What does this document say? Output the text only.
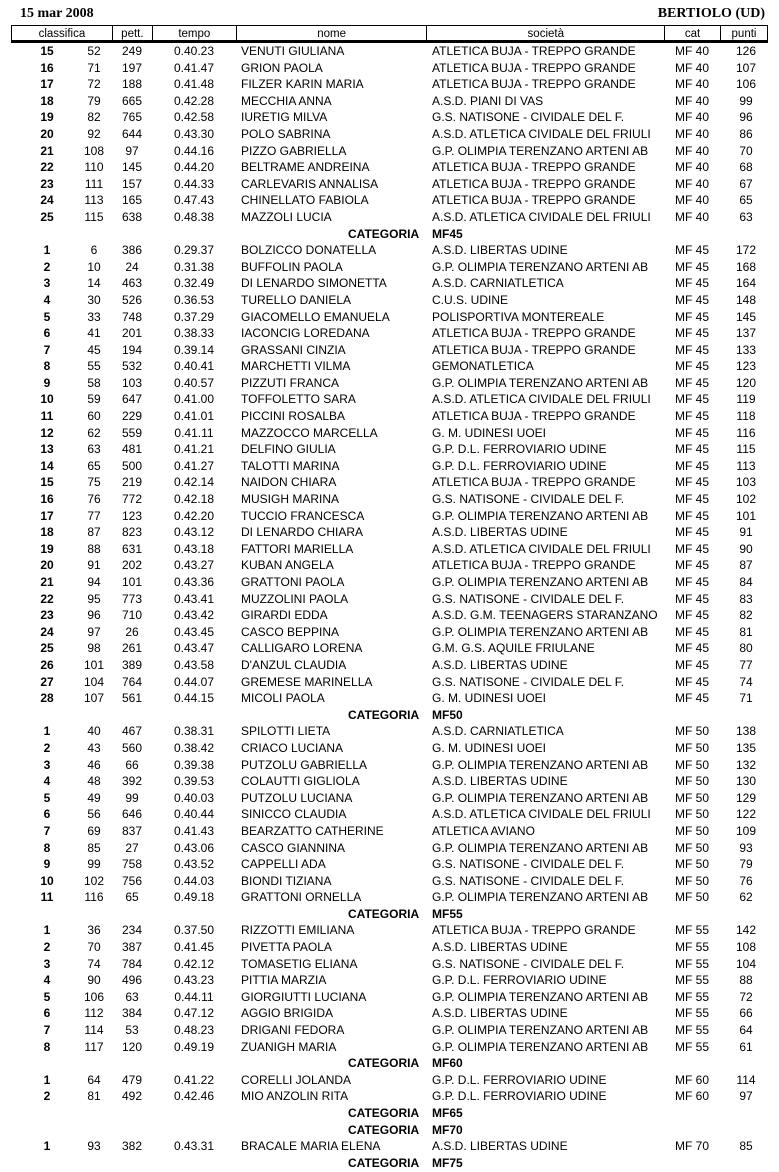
15 mar 2008	BERTIOLO (UD)
classifica	pett.	tempo	nome	società	cat	punti
15	52	249	0.40.23	VENUTI GIULIANA	ATLETICA BUJA - TREPPO GRANDE	MF 40	126
16	71	197	0.41.47	GRION PAOLA	ATLETICA BUJA - TREPPO GRANDE	MF 40	107
17	72	188	0.41.48	FILZER KARIN MARIA	ATLETICA BUJA - TREPPO GRANDE	MF 40	106
18	79	665	0.42.28	MECCHIA ANNA	A.S.D. PIANI DI VAS	MF 40	99
19	82	765	0.42.58	IURETIG MILVA	G.S. NATISONE - CIVIDALE DEL F.	MF 40	96
20	92	644	0.43.30	POLO SABRINA	A.S.D. ATLETICA CIVIDALE DEL FRIULI	MF 40	86
21	108	97	0.44.16	PIZZO GABRIELLA	G.P. OLIMPIA TERENZANO ARTENI AB	MF 40	70
22	110	145	0.44.20	BELTRAME ANDREINA	ATLETICA BUJA - TREPPO GRANDE	MF 40	68
23	111	157	0.44.33	CARLEVARIS ANNALISA	ATLETICA BUJA - TREPPO GRANDE	MF 40	67
24	113	165	0.47.43	CHINELLATO FABIOLA	ATLETICA BUJA - TREPPO GRANDE	MF 40	65
25	115	638	0.48.38	MAZZOLI LUCIA	A.S.D. ATLETICA CIVIDALE DEL FRIULI	MF 40	63
CATEGORIA MF45
1	6	386	0.29.37	BOLZICCO DONATELLA	A.S.D. LIBERTAS UDINE	MF 45	172
2	10	24	0.31.38	BUFFOLIN PAOLA	G.P. OLIMPIA TERENZANO ARTENI AB	MF 45	168
3	14	463	0.32.49	DI LENARDO SIMONETTA	A.S.D. CARNIATLETICA	MF 45	164
4	30	526	0.36.53	TURELLO DANIELA	C.U.S. UDINE	MF 45	148
5	33	748	0.37.29	GIACOMELLO EMANUELA	POLISPORTIVA MONTEREALE	MF 45	145
6	41	201	0.38.33	IACONCIG LOREDANA	ATLETICA BUJA - TREPPO GRANDE	MF 45	137
7	45	194	0.39.14	GRASSANI CINZIA	ATLETICA BUJA - TREPPO GRANDE	MF 45	133
8	55	532	0.40.41	MARCHETTI VILMA	GEMONATLETICA	MF 45	123
9	58	103	0.40.57	PIZZUTI FRANCA	G.P. OLIMPIA TERENZANO ARTENI AB	MF 45	120
10	59	647	0.41.00	TOFFOLETTO SARA	A.S.D. ATLETICA CIVIDALE DEL FRIULI	MF 45	119
11	60	229	0.41.01	PICCINI ROSALBA	ATLETICA BUJA - TREPPO GRANDE	MF 45	118
12	62	559	0.41.11	MAZZOCCO MARCELLA	G. M. UDINESI UOEI	MF 45	116
13	63	481	0.41.21	DELFINO GIULIA	G.P. D.L. FERROVIARIO UDINE	MF 45	115
14	65	500	0.41.27	TALOTTI MARINA	G.P. D.L. FERROVIARIO UDINE	MF 45	113
15	75	219	0.42.14	NAIDON CHIARA	ATLETICA BUJA - TREPPO GRANDE	MF 45	103
16	76	772	0.42.18	MUSIGH MARINA	G.S. NATISONE - CIVIDALE DEL F.	MF 45	102
17	77	123	0.42.20	TUCCIO FRANCESCA	G.P. OLIMPIA TERENZANO ARTENI AB	MF 45	101
18	87	823	0.43.12	DI LENARDO CHIARA	A.S.D. LIBERTAS UDINE	MF 45	91
19	88	631	0.43.18	FATTORI MARIELLA	A.S.D. ATLETICA CIVIDALE DEL FRIULI	MF 45	90
20	91	202	0.43.27	KUBAN ANGELA	ATLETICA BUJA - TREPPO GRANDE	MF 45	87
21	94	101	0.43.36	GRATTONI PAOLA	G.P. OLIMPIA TERENZANO ARTENI AB	MF 45	84
22	95	773	0.43.41	MUZZOLINI PAOLA	G.S. NATISONE - CIVIDALE DEL F.	MF 45	83
23	96	710	0.43.42	GIRARDI EDDA	A.S.D. G.M. TEENAGERS STARANZANO	MF 45	82
24	97	26	0.43.45	CASCO BEPPINA	G.P. OLIMPIA TERENZANO ARTENI AB	MF 45	81
25	98	261	0.43.47	CALLIGARO LORENA	G.M. G.S. AQUILE FRIULANE	MF 45	80
26	101	389	0.43.58	D'ANZUL CLAUDIA	A.S.D. LIBERTAS UDINE	MF 45	77
27	104	764	0.44.07	GREMESE MARINELLA	G.S. NATISONE - CIVIDALE DEL F.	MF 45	74
28	107	561	0.44.15	MICOLI PAOLA	G. M. UDINESI UOEI	MF 45	71
CATEGORIA MF50
1	40	467	0.38.31	SPILOTTI LIETA	A.S.D. CARNIATLETICA	MF 50	138
2	43	560	0.38.42	CRIACO LUCIANA	G. M. UDINESI UOEI	MF 50	135
3	46	66	0.39.38	PUTZOLU GABRIELLA	G.P. OLIMPIA TERENZANO ARTENI AB	MF 50	132
4	48	392	0.39.53	COLAUTTI GIGLIOLA	A.S.D. LIBERTAS UDINE	MF 50	130
5	49	99	0.40.03	PUTZOLU LUCIANA	G.P. OLIMPIA TERENZANO ARTENI AB	MF 50	129
6	56	646	0.40.44	SINICCO CLAUDIA	A.S.D. ATLETICA CIVIDALE DEL FRIULI	MF 50	122
7	69	837	0.41.43	BEARZATTO CATHERINE	ATLETICA AVIANO	MF 50	109
8	85	27	0.43.06	CASCO GIANNINA	G.P. OLIMPIA TERENZANO ARTENI AB	MF 50	93
9	99	758	0.43.52	CAPPELLI ADA	G.S. NATISONE - CIVIDALE DEL F.	MF 50	79
10	102	756	0.44.03	BIONDI TIZIANA	G.S. NATISONE - CIVIDALE DEL F.	MF 50	76
11	116	65	0.49.18	GRATTONI ORNELLA	G.P. OLIMPIA TERENZANO ARTENI AB	MF 50	62
CATEGORIA MF55
1	36	234	0.37.50	RIZZOTTI EMILIANA	ATLETICA BUJA - TREPPO GRANDE	MF 55	142
2	70	387	0.41.45	PIVETTA PAOLA	A.S.D. LIBERTAS UDINE	MF 55	108
3	74	784	0.42.12	TOMASETIG ELIANA	G.S. NATISONE - CIVIDALE DEL F.	MF 55	104
4	90	496	0.43.23	PITTIA MARZIA	G.P. D.L. FERROVIARIO UDINE	MF 55	88
5	106	63	0.44.11	GIORGIUTTI LUCIANA	G.P. OLIMPIA TERENZANO ARTENI AB	MF 55	72
6	112	384	0.47.12	AGGIO BRIGIDA	A.S.D. LIBERTAS UDINE	MF 55	66
7	114	53	0.48.23	DRIGANI FEDORA	G.P. OLIMPIA TERENZANO ARTENI AB	MF 55	64
8	117	120	0.49.19	ZUANIGH MARIA	G.P. OLIMPIA TERENZANO ARTENI AB	MF 55	61
CATEGORIA MF60
1	64	479	0.41.22	CORELLI JOLANDA	G.P. D.L. FERROVIARIO UDINE	MF 60	114
2	81	492	0.42.46	MIO ANZOLIN RITA	G.P. D.L. FERROVIARIO UDINE	MF 60	97
CATEGORIA MF65
CATEGORIA MF70
1	93	382	0.43.31	BRACALE MARIA ELENA	A.S.D. LIBERTAS UDINE	MF 70	85
CATEGORIA MF75
